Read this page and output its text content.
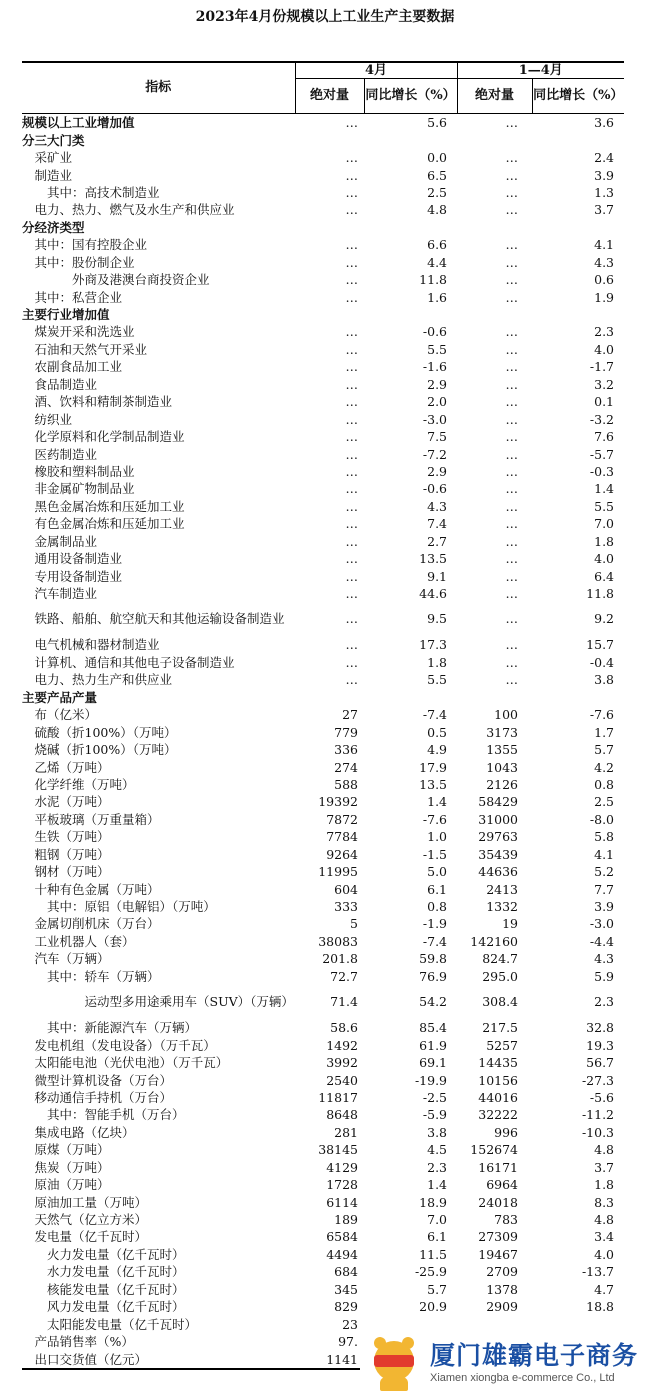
2023年4月份规模以上工业生产主要数据
指标	4月		1—4月	
	绝对量	同比增长（%）	绝对量	同比增长（%）
规模以上工业增加值	…	5.6	…	3.6
分三大门类				
　采矿业	…	0.0	…	2.4
　制造业	…	6.5	…	3.9
　　其中：高技术制造业	…	2.5	…	1.3
　电力、热力、燃气及水生产和供应业	…	4.8	…	3.7
分经济类型				
　其中：国有控股企业	…	6.6	…	4.1
　其中：股份制企业	…	4.4	…	4.3
　　　　外商及港澳台商投资企业	…	11.8	…	0.6
　其中：私营企业	…	1.6	…	1.9
主要行业增加值				
　煤炭开采和洗选业	…	-0.6	…	2.3
　石油和天然气开采业	…	5.5	…	4.0
　农副食品加工业	…	-1.6	…	-1.7
　食品制造业	…	2.9	…	3.2
　酒、饮料和精制茶制造业	…	2.0	…	0.1
　纺织业	…	-3.0	…	-3.2
　化学原料和化学制品制造业	…	7.5	…	7.6
　医药制造业	…	-7.2	…	-5.7
　橡胶和塑料制品业	…	2.9	…	-0.3
　非金属矿物制品业	…	-0.6	…	1.4
　黑色金属冶炼和压延加工业	…	4.3	…	5.5
　有色金属冶炼和压延加工业	…	7.4	…	7.0
　金属制品业	…	2.7	…	1.8
　通用设备制造业	…	13.5	…	4.0
　专用设备制造业	…	9.1	…	6.4
　汽车制造业	…	44.6	…	11.8
　铁路、船舶、航空航天和其他运输设备制造业	…	9.5	…	9.2
　电气机械和器材制造业	…	17.3	…	15.7
　计算机、通信和其他电子设备制造业	…	1.8	…	-0.4
　电力、热力生产和供应业	…	5.5	…	3.8
主要产品产量				
　布（亿米）	27	-7.4	100	-7.6
　硫酸（折100%）（万吨）	779	0.5	3173	1.7
　烧碱（折100%）（万吨）	336	4.9	1355	5.7
　乙烯（万吨）	274	17.9	1043	4.2
　化学纤维（万吨）	588	13.5	2126	0.8
　水泥（万吨）	19392	1.4	58429	2.5
　平板玻璃（万重量箱）	7872	-7.6	31000	-8.0
　生铁（万吨）	7784	1.0	29763	5.8
　粗钢（万吨）	9264	-1.5	35439	4.1
　钢材（万吨）	11995	5.0	44636	5.2
　十种有色金属（万吨）	604	6.1	2413	7.7
　　其中：原铝（电解铝）（万吨）	333	0.8	1332	3.9
　金属切削机床（万台）	5	-1.9	19	-3.0
　工业机器人（套）	38083	-7.4	142160	-4.4
　汽车（万辆）	201.8	59.8	824.7	4.3
　　其中：轿车（万辆）	72.7	76.9	295.0	5.9
　　　　　运动型多用途乘用车（SUV）（万辆）	71.4	54.2	308.4	2.3
　　其中：新能源汽车（万辆）	58.6	85.4	217.5	32.8
　发电机组（发电设备）（万千瓦）	1492	61.9	5257	19.3
　太阳能电池（光伏电池）（万千瓦）	3992	69.1	14435	56.7
　微型计算机设备（万台）	2540	-19.9	10156	-27.3
　移动通信手持机（万台）	11817	-2.5	44016	-5.6
　　其中：智能手机（万台）	8648	-5.9	32222	-11.2
　集成电路（亿块）	281	3.8	996	-10.3
　原煤（万吨）	38145	4.5	152674	4.8
　焦炭（万吨）	4129	2.3	16171	3.7
　原油（万吨）	1728	1.4	6964	1.8
　原油加工量（万吨）	6114	18.9	24018	8.3
　天然气（亿立方米）	189	7.0	783	4.8
　发电量（亿千瓦时）	6584	6.1	27309	3.4
　　火力发电量（亿千瓦时）	4494	11.5	19467	4.0
　　水力发电量（亿千瓦时）	684	-25.9	2709	-13.7
　　核能发电量（亿千瓦时）	345	5.7	1378	4.7
　　风力发电量（亿千瓦时）	829	20.9	2909	18.8
　　太阳能发电量（亿千瓦时）	23			
　产品销售率（%）	97.			
　出口交货值（亿元）	1141				厦门雄霸电子商务
Xiamen xiongba e-commerce Co., Ltd
